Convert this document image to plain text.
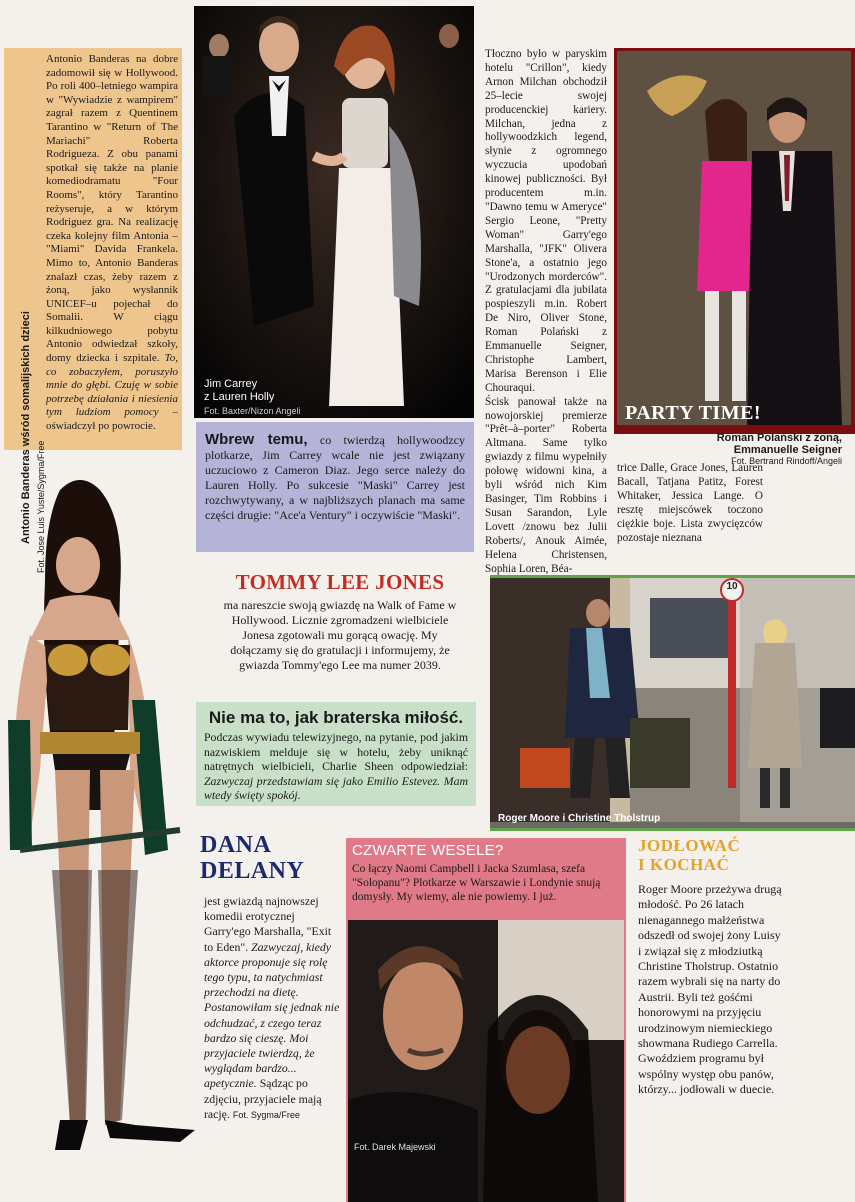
Antonio Banderas wśród somalijskich dzieci Fot. Jose Luis Yuste/Sygma/Free
Antonio Banderas na dobre zadomowił się w Hollywood. Po roli 400–letniego wampira w "Wywiadzie z wampirem" zagrał razem z Quentinem Tarantino w "Return of The Mariachi" Roberta Rodrigueza. Z obu panami spotkał się także na planie komediodramatu "Four Rooms", który Tarantino reżyseruje, a w którym Rodriguez gra. Na realizację czeka kolejny film Antonia – "Miami" Davida Frankela. Mimo to, Antonio Banderas znalazł czas, żeby razem z żoną, jako wysłannik UNICEF–u pojechał do Somalii. W ciągu kilkudniowego pobytu Antonio odwiedzał szkoły, domy dziecka i szpitale. To, co zobaczyłem, poruszyło mnie do głębi. Czuję w sobie potrzebę działania i niesienia tym ludziom pomocy – oświadczył po powrocie.
Jim Carrey
z Lauren Holly
Fot. Baxter/Nizon Angeli
Wbrew temu, co twierdzą hollywoodzcy plotkarze, Jim Carrey wcale nie jest związany uczuciowo z Cameron Diaz. Jego serce należy do Lauren Holly. Po sukcesie "Maski" Carrey jest rozchwytywany, a w najbliższych planach ma same części drugie: "Ace'a Ventury" i oczywiście "Maski".
Tłoczno było w paryskim hotelu "Crillon", kiedy Arnon Milchan obchodził 25–lecie swojej producenckiej kariery. Milchan, jedna z hollywoodzkich legend, słynie z ogromnego wyczucia upodobań kinowej publiczności. Był producentem m.in. "Dawno temu w Ameryce" Sergio Leone, "Pretty Woman" Garry'ego Marshalla, "JFK" Olivera Stone'a, a ostatnio jego "Urodzonych morderców". Z gratulacjami dla jubilata pospieszyli m.in. Robert De Niro, Oliver Stone, Roman Polański z Emmanuelle Seigner, Christophe Lambert, Marisa Berenson i Elie Chouraqui.
Ścisk panował także na nowojorskiej premierze "Prêt–à–porter" Roberta Altmana. Same tylko gwiazdy z filmu wypełniły połowę widowni kina, a byli wśród nich Kim Basinger, Tim Robbins i Susan Sarandon, Lyle Lovett /znowu bez Julii Roberts/, Anouk Aimée, Helena Christensen, Sophia Loren, Béa-
trice Dalle, Grace Jones, Lauren Bacall, Tatjana Patitz, Forest Whitaker, Jessica Lange. O resztę miejscówek toczono ciężkie boje. Lista zwycięzców pozostaje nieznana
PARTY TIME!
Roman Polański z żoną,
Emmanuelle Seigner
Fot. Bertrand Rindoff/Angeli
TOMMY LEE JONES
ma nareszcie swoją gwiazdę na Walk of Fame w Hollywood. Licznie zgromadzeni wielbiciele Jonesa zgotowali mu gorącą owację. My dołączamy się do gratulacji i informujemy, że gwiazda Tommy'ego Lee ma numer 2039.
Nie ma to, jak braterska miłość.
Podczas wywiadu telewizyjnego, na pytanie, pod jakim nazwiskiem melduje się w hotelu, żeby uniknąć natrętnych wielbicieli, Charlie Sheen odpowiedział: Zazwyczaj przedstawiam się jako Emilio Estevez. Mam wtedy święty spokój.
10
Roger Moore i Christine Tholstrup
DANA
DELANY
jest gwiazdą najnowszej komedii erotycznej Garry'ego Marshalla, "Exit to Eden". Zazwyczaj, kiedy aktorce proponuje się rolę tego typu, ta natychmiast przechodzi na dietę. Postanowiłam się jednak nie odchudzać, z czego teraz bardzo się cieszę. Moi przyjaciele twierdzą, że wyglądam bardzo... apetycznie. Sądząc po zdjęciu, przyjaciele mają rację. Fot. Sygma/Free
CZWARTE WESELE?
Co łączy Naomi Campbell i Jacka Szumlasa, szefa "Solopanu"? Plotkarze w Warszawie i Londynie snują domysły. My wiemy, ale nie powiemy. I już.
Fot. Darek Majewski
JODŁOWAĆ
I KOCHAĆ
Roger Moore przeżywa drugą młodość. Po 26 latach nienagannego małżeństwa odszedł od swojej żony Luisy i związał się z młodziutką Christine Tholstrup. Ostatnio razem wybrali się na narty do Austrii. Byli też gośćmi honorowymi na przyjęciu urodzinowym niemieckiego showmana Rudiego Carrella. Gwoździem programu był wspólny występ obu panów, którzy... jodłowali w duecie.
